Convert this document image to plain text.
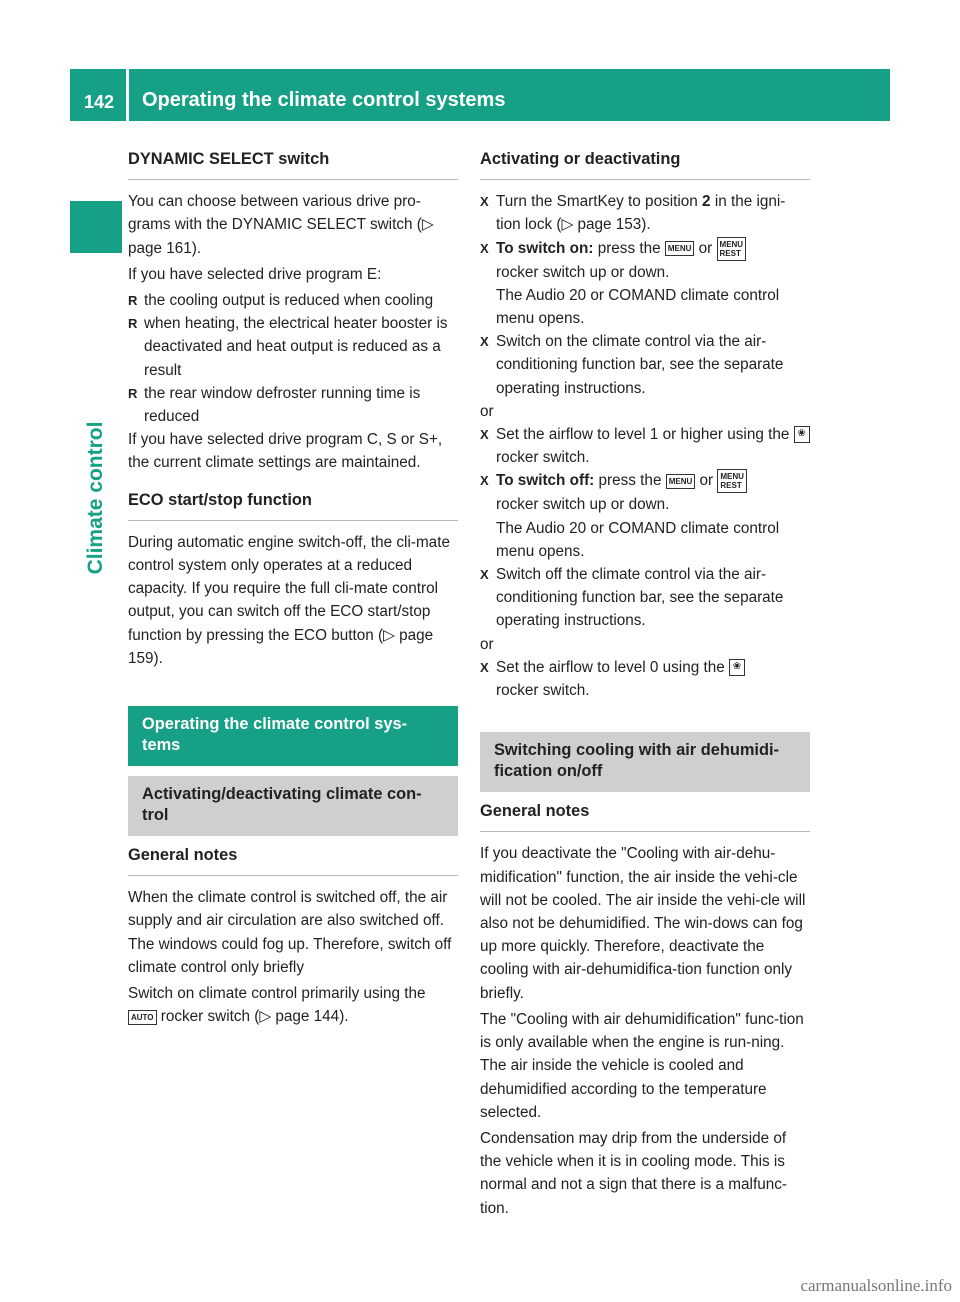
142 Operating the climate control systems
Climate control

DYNAMIC SELECT switch

You can choose between various drive pro-grams with the DYNAMIC SELECT switch (▷ page 161).

If you have selected drive program E:

R the cooling output is reduced when cooling

R when heating, the electrical heater booster is deactivated and heat output is reduced as a result

R the rear window defroster running time is reduced

If you have selected drive program C, S or S+, the current climate settings are maintained.

ECO start/stop function

During automatic engine switch-off, the cli-mate control system only operates at a reduced capacity. If you require the full cli-mate control output, you can switch off the ECO start/stop function by pressing the ECO button (▷ page 159).

Operating the climate control sys-tems
Activating/deactivating climate con-trol

General notes

When the climate control is switched off, the air supply and air circulation are also switched off. The windows could fog up. Therefore, switch off climate control only briefly

Switch on climate control primarily using the AUTO rocker switch (▷ page 144).

Activating or deactivating

X Turn the SmartKey to position 2 in the igni-tion lock (▷ page 153).

X To switch on: press the MENU or MENU
REST
rocker switch up or down.
The Audio 20 or COMAND climate control menu opens.

X Switch on the climate control via the air-conditioning function bar, see the separate operating instructions.

or

X Set the airflow to level 1 or higher using the ❀ rocker switch.

X To switch off: press the MENU or MENU
REST
rocker switch up or down.
The Audio 20 or COMAND climate control menu opens.

X Switch off the climate control via the air-conditioning function bar, see the separate operating instructions.

or

X Set the airflow to level 0 using the ❀
rocker switch.

Switching cooling with air dehumidi-fication on/off

General notes

If you deactivate the "Cooling with air-dehu-midification" function, the air inside the vehi-cle will not be cooled. The air inside the vehi-cle will also not be dehumidified. The win-dows can fog up more quickly. Therefore, deactivate the cooling with air-dehumidifica-tion function only briefly.

The "Cooling with air dehumidification" func-tion is only available when the engine is run-ning. The air inside the vehicle is cooled and dehumidified according to the temperature selected.

Condensation may drip from the underside of the vehicle when it is in cooling mode. This is normal and not a sign that there is a malfunc-tion.

carmanualsonline.info
